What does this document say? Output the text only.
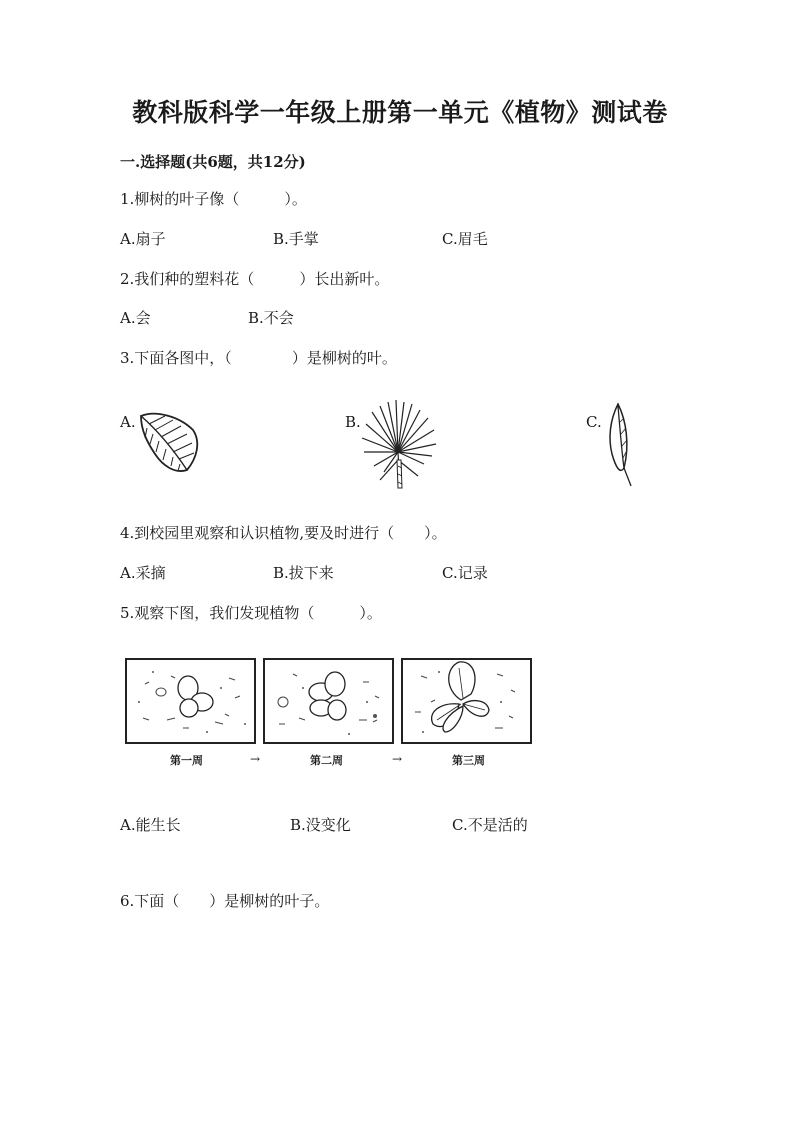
教科版科学一年级上册第一单元《植物》测试卷
一.选择题(共6题，共12分)
1.柳树的叶子像（　　　）。
A.扇子	B.手掌	C.眉毛
2.我们种的塑料花（　　　）长出新叶。
A.会	B.不会
3.下面各图中，（　　　　）是柳树的叶。
A.	B.	C.
4.到校园里观察和认识植物,要及时进行（　　）。
A.采摘	B.拔下来	C.记录
5.观察下图，我们发现植物（　　　）。
第一周	→	第二周	→	第三周
A.能生长	B.没变化	C.不是活的
6.下面（　　）是柳树的叶子。
